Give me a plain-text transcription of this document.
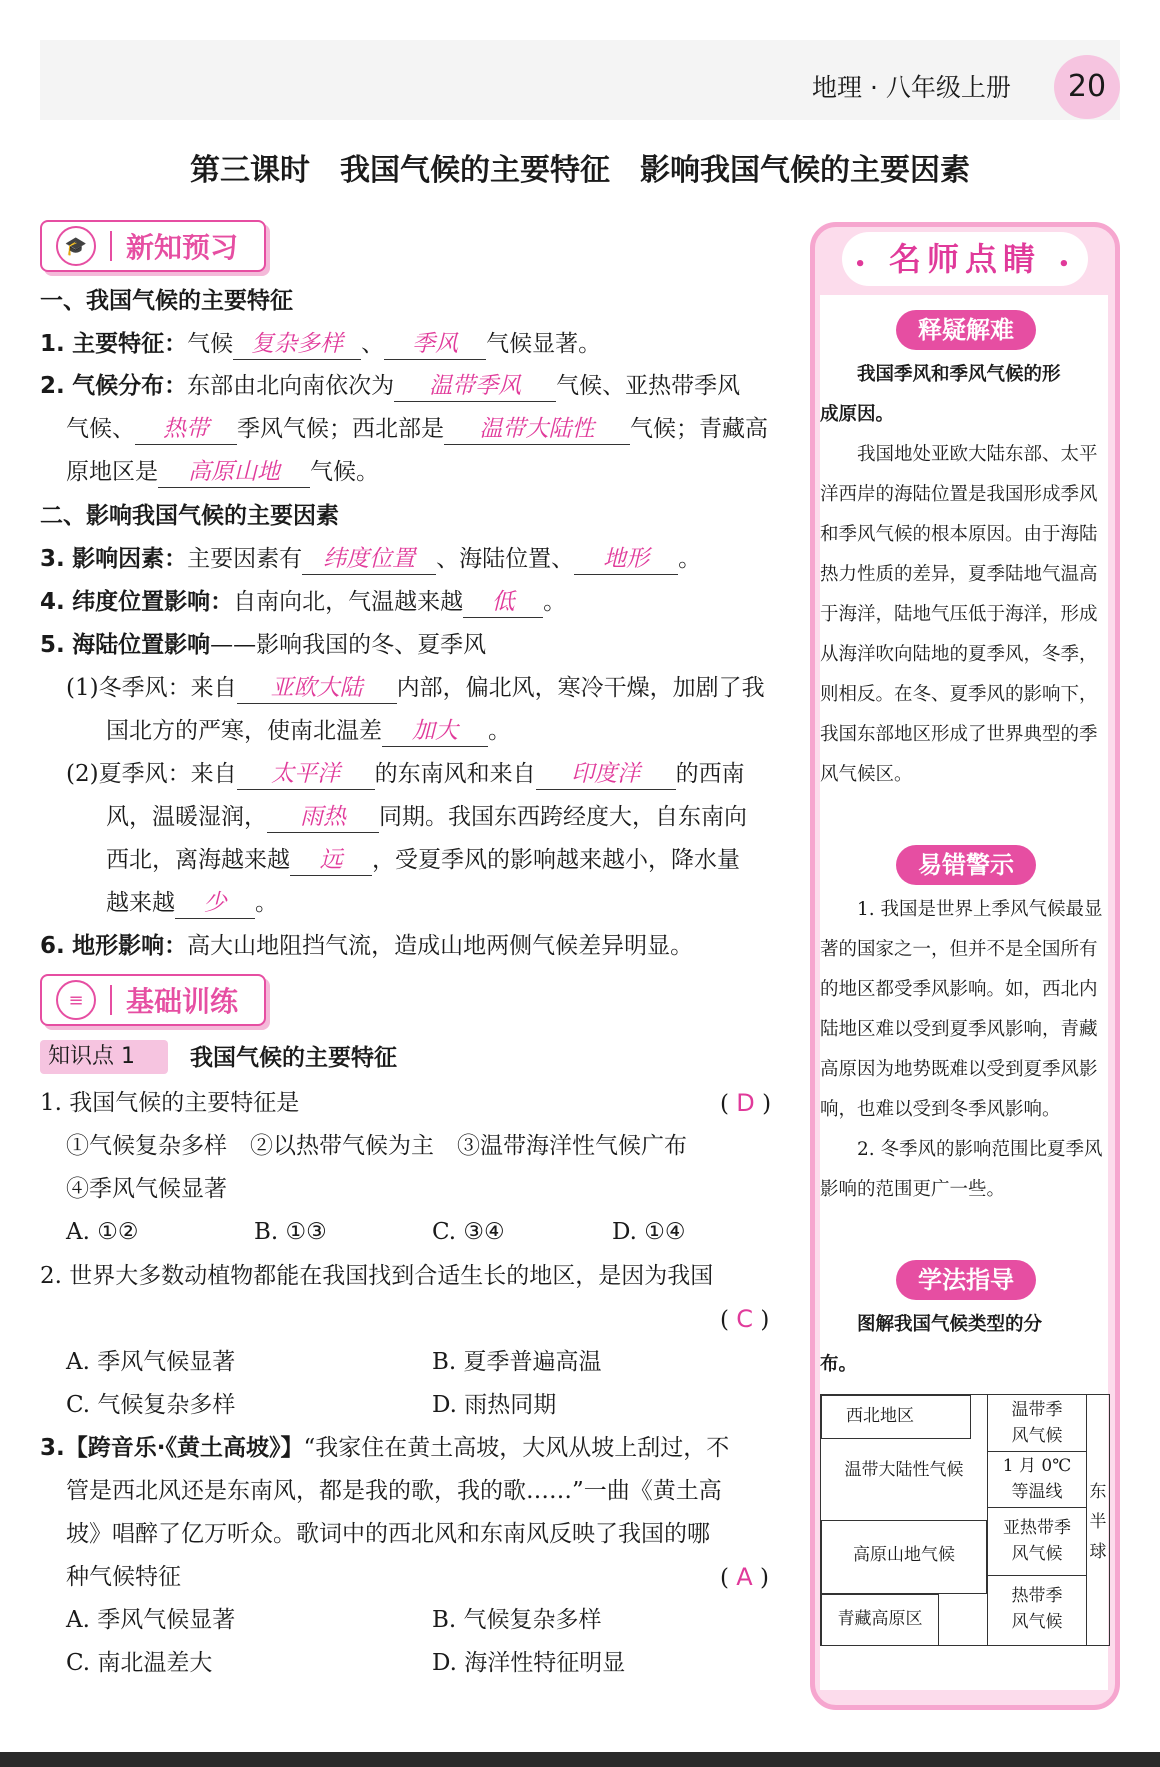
地理 · 八年级上册	20
第三课时　我国气候的主要特征　影响我国气候的主要因素
🎓	新知预习
一、我国气候的主要特征
1. 主要特征：气候 复杂多样 、 季风 气候显著。
2. 气候分布：东部由北向南依次为 温带季风 气候、亚热带季风
气候、 热带 季风气候；西北部是 温带大陆性 气候；青藏高
原地区是 高原山地 气候。
二、影响我国气候的主要因素
3. 影响因素：主要因素有 纬度位置 、海陆位置、 地形 。
4. 纬度位置影响：自南向北，气温越来越 低 。
5. 海陆位置影响——影响我国的冬、夏季风
(1)冬季风：来自 亚欧大陆 内部，偏北风，寒冷干燥，加剧了我
国北方的严寒，使南北温差 加大 。
(2)夏季风：来自 太平洋 的东南风和来自 印度洋 的西南
风，温暖湿润， 雨热 同期。我国东西跨经度大，自东南向
西北，离海越来越 远 ，受夏季风的影响越来越小，降水量
越来越 少 。
6. 地形影响：高大山地阻挡气流，造成山地两侧气候差异明显。
≡	基础训练
知识点 1	我国气候的主要特征
1. 我国气候的主要特征是	( D )
①气候复杂多样　②以热带气候为主　③温带海洋性气候广布
④季风气候显著
A. ①②	B. ①③	C. ③④	D. ①④
2. 世界大多数动植物都能在我国找到合适生长的地区，是因为我国
( C )
A. 季风气候显著	B. 夏季普遍高温
C. 气候复杂多样	D. 雨热同期
3.【跨音乐·《黄土高坡》】“我家住在黄土高坡，大风从坡上刮过，不
管是西北风还是东南风，都是我的歌，我的歌……”一曲《黄土高
坡》唱醉了亿万听众。歌词中的西北风和东南风反映了我国的哪
种气候特征	( A )
A. 季风气候显著	B. 气候复杂多样
C. 南北温差大	D. 海洋性特征明显
• 名师点睛 •
释疑解难

我国季风和季风气候的形

成原因。

我国地处亚欧大陆东部、太平洋西岸的海陆位置是我国形成季风和季风气候的根本原因。由于海陆热力性质的差异，夏季陆地气温高于海洋，陆地气压低于海洋，形成从海洋吹向陆地的夏季风，冬季，则相反。在冬、夏季风的影响下，我国东部地区形成了世界典型的季风气候区。

易错警示

1. 我国是世界上季风气候最显著的国家之一，但并不是全国所有的地区都受季风影响。如，西北内陆地区难以受到夏季风影响，青藏高原因为地势既难以受到夏季风影响，也难以受到冬季风影响。

2. 冬季风的影响范围比夏季风影响的范围更广一些。

学法指导

图解我国气候类型的分

布。

西北地区
温带大陆性气候
高原山地气候
青藏高原区
温带季
风气候
1 月 0℃
等温线
亚热带季
风气候
热带季
风气候
东
半
球
